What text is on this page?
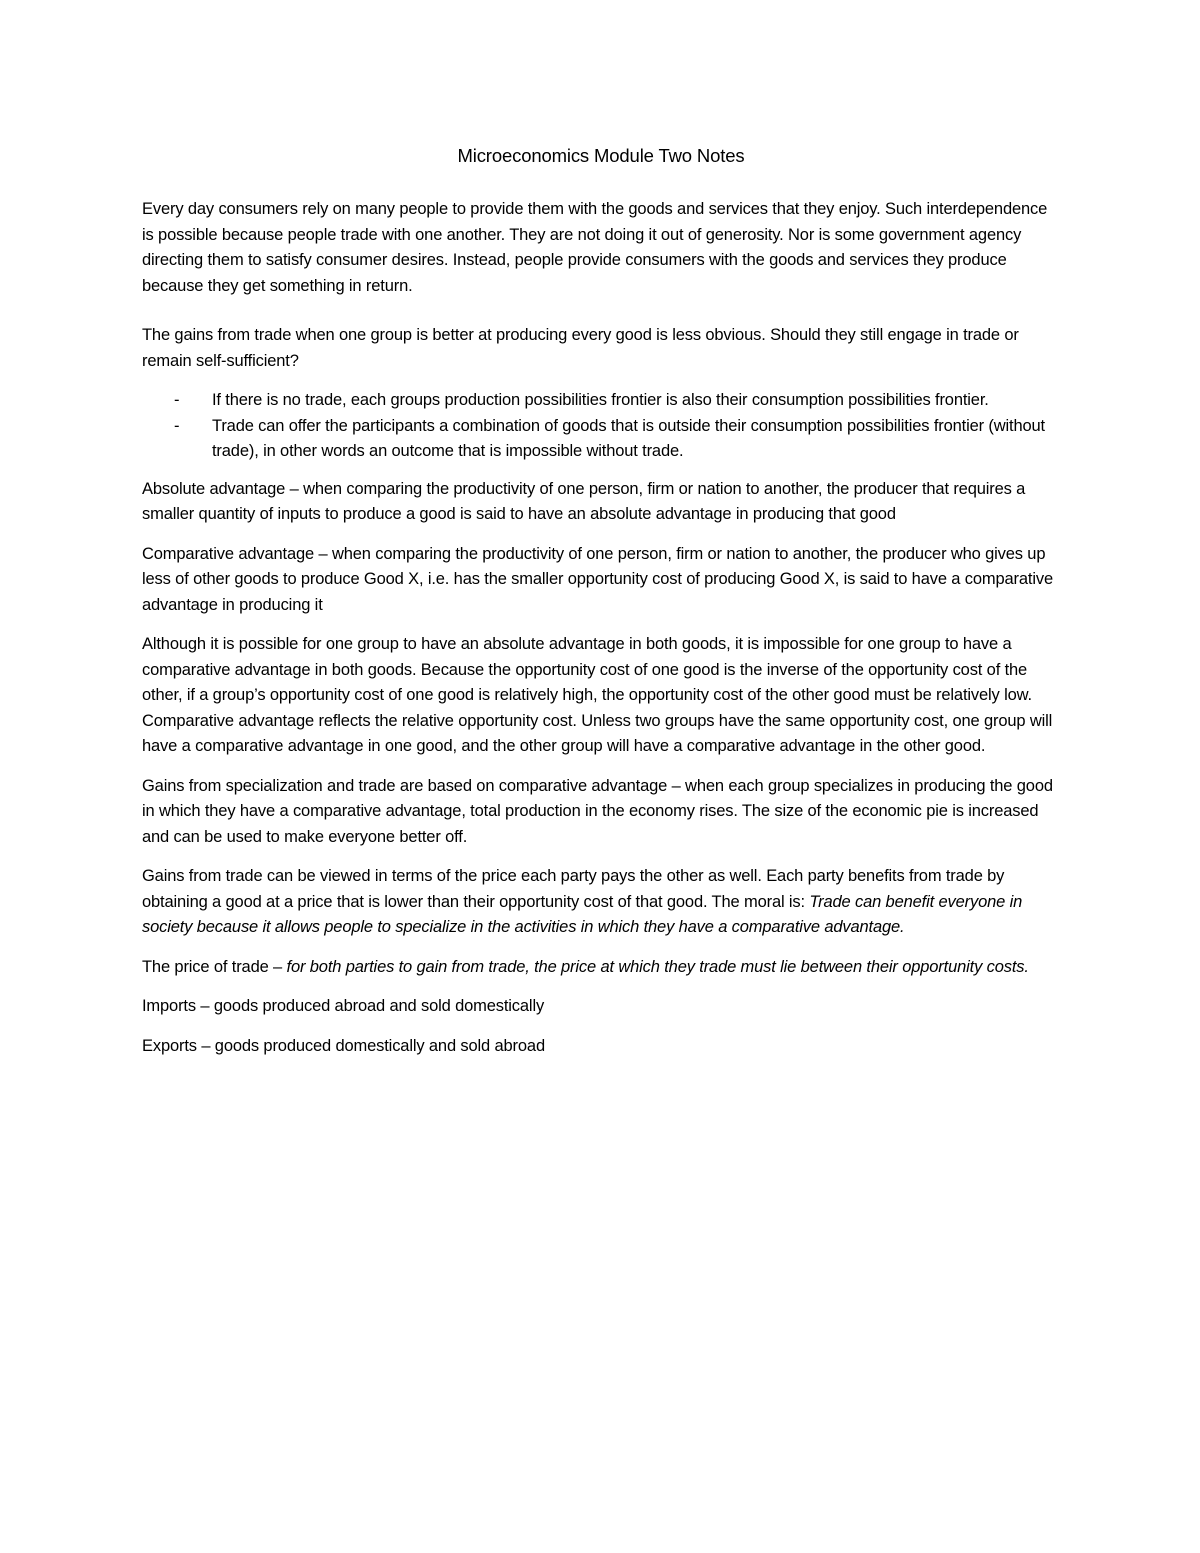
Microeconomics Module Two Notes

Every day consumers rely on many people to provide them with the goods and services that they enjoy. Such interdependence is possible because people trade with one another. They are not doing it out of generosity. Nor is some government agency directing them to satisfy consumer desires. Instead, people provide consumers with the goods and services they produce because they get something in return.

The gains from trade when one group is better at producing every good is less obvious. Should they still engage in trade or remain self-sufficient?

- If there is no trade, each groups production possibilities frontier is also their consumption possibilities frontier.
- Trade can offer the participants a combination of goods that is outside their consumption possibilities frontier (without trade), in other words an outcome that is impossible without trade.

Absolute advantage – when comparing the productivity of one person, firm or nation to another, the producer that requires a smaller quantity of inputs to produce a good is said to have an absolute advantage in producing that good

Comparative advantage – when comparing the productivity of one person, firm or nation to another, the producer who gives up less of other goods to produce Good X, i.e. has the smaller opportunity cost of producing Good X, is said to have a comparative advantage in producing it

Although it is possible for one group to have an absolute advantage in both goods, it is impossible for one group to have a comparative advantage in both goods. Because the opportunity cost of one good is the inverse of the opportunity cost of the other, if a group’s opportunity cost of one good is relatively high, the opportunity cost of the other good must be relatively low. Comparative advantage reflects the relative opportunity cost. Unless two groups have the same opportunity cost, one group will have a comparative advantage in one good, and the other group will have a comparative advantage in the other good.

Gains from specialization and trade are based on comparative advantage – when each group specializes in producing the good in which they have a comparative advantage, total production in the economy rises. The size of the economic pie is increased and can be used to make everyone better off.

Gains from trade can be viewed in terms of the price each party pays the other as well. Each party benefits from trade by obtaining a good at a price that is lower than their opportunity cost of that good. The moral is: Trade can benefit everyone in society because it allows people to specialize in the activities in which they have a comparative advantage.

The price of trade – for both parties to gain from trade, the price at which they trade must lie between their opportunity costs.

Imports – goods produced abroad and sold domestically

Exports – goods produced domestically and sold abroad
